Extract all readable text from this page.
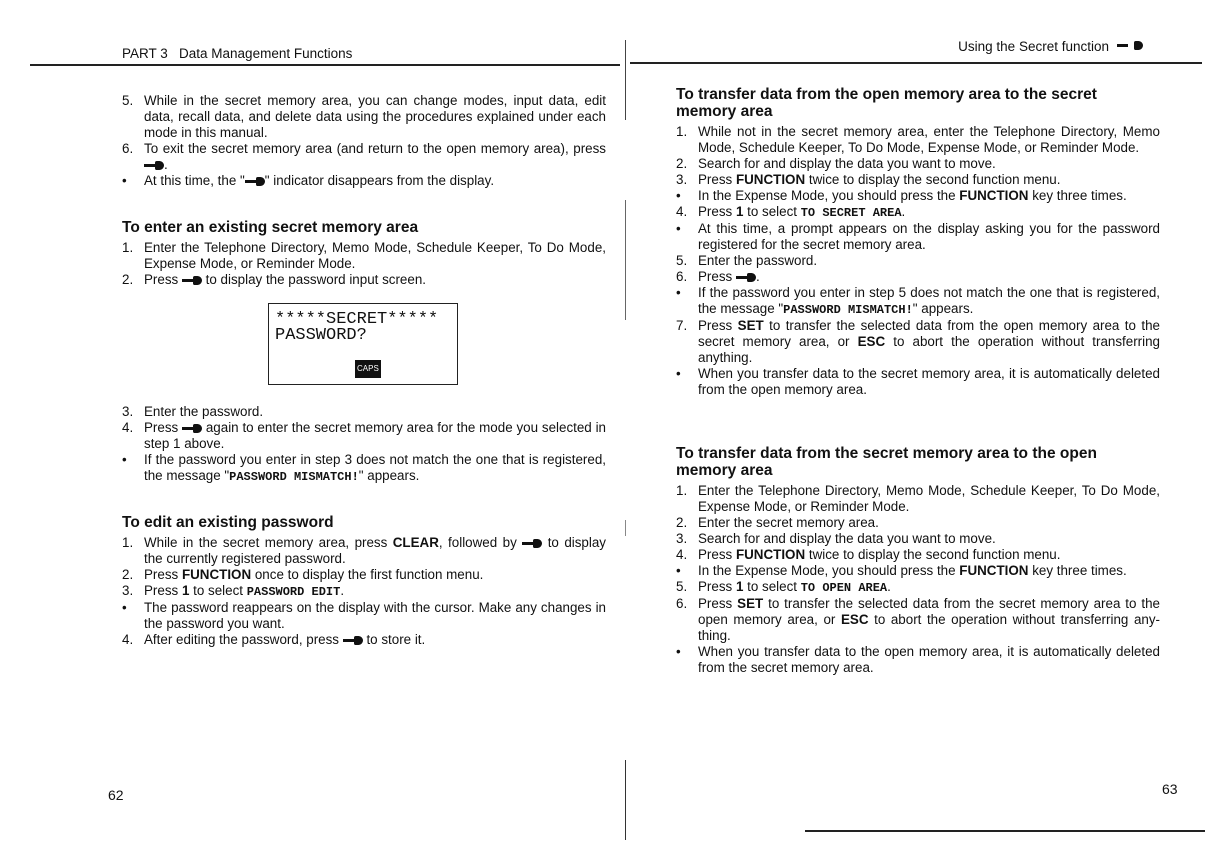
PART 3   Data Management Functions	Using the Secret function
5. While in the secret memory area, you can change modes, input data, edit data, recall data, and delete data using the procedures explained under each mode in this manual.
6. To exit the secret memory area (and return to the open memory area), press .
•	At this time, the " " indicator disappears from the display.
To enter an existing secret memory area
1. Enter the Telephone Directory, Memo Mode, Schedule Keeper, To Do Mode, Expense Mode, or Reminder Mode.
2. Press  to display the password input screen.
3. Enter the password.
4. Press  again to enter the secret memory area for the mode you selected in step 1 above.
•	If the password you enter in step 3 does not match the one that is registered, the message "PASSWORD MISMATCH!" appears.
To edit an existing password
1. While in the secret memory area, press CLEAR, followed by  to display the currently registered password.
2. Press FUNCTION once to display the first function menu.
3. Press 1 to select PASSWORD EDIT.
•	The password reappears on the display with the cursor. Make any changes in the password you want.
4. After editing the password, press  to store it.
*****SECRET*****
PASSWORD?
CAPS
To transfer data from the open memory area to the secret memory area
1. While not in the secret memory area, enter the Telephone Directory, Memo Mode, Schedule Keeper, To Do Mode, Expense Mode, or Reminder Mode.
2. Search for and display the data you want to move.
3. Press FUNCTION twice to display the second function menu.
•	In the Expense Mode, you should press the FUNCTION key three times.
4. Press 1 to select TO SECRET AREA.
•	At this time, a prompt appears on the display asking you for the password registered for the secret memory area.
5. Enter the password.
6. Press .
•	If the password you enter in step 5 does not match the one that is registered, the message "PASSWORD MISMATCH!" appears.
7. Press SET to transfer the selected data from the open memory area to the secret memory area, or ESC to abort the operation without transferring anything.
•	When you transfer data to the secret memory area, it is automatically deleted from the open memory area.
To transfer data from the secret memory area to the open memory area
1. Enter the Telephone Directory, Memo Mode, Schedule Keeper, To Do Mode, Expense Mode, or Reminder Mode.
2. Enter the secret memory area.
3. Search for and display the data you want to move.
4. Press FUNCTION twice to display the second function menu.
•	In the Expense Mode, you should press the FUNCTION key three times.
5. Press 1 to select TO OPEN AREA.
6. Press SET to transfer the selected data from the secret memory area to the open memory area, or ESC to abort the operation without transferring any-thing.
•	When you transfer data to the open memory area, it is automatically deleted from the secret memory area.
62	63
